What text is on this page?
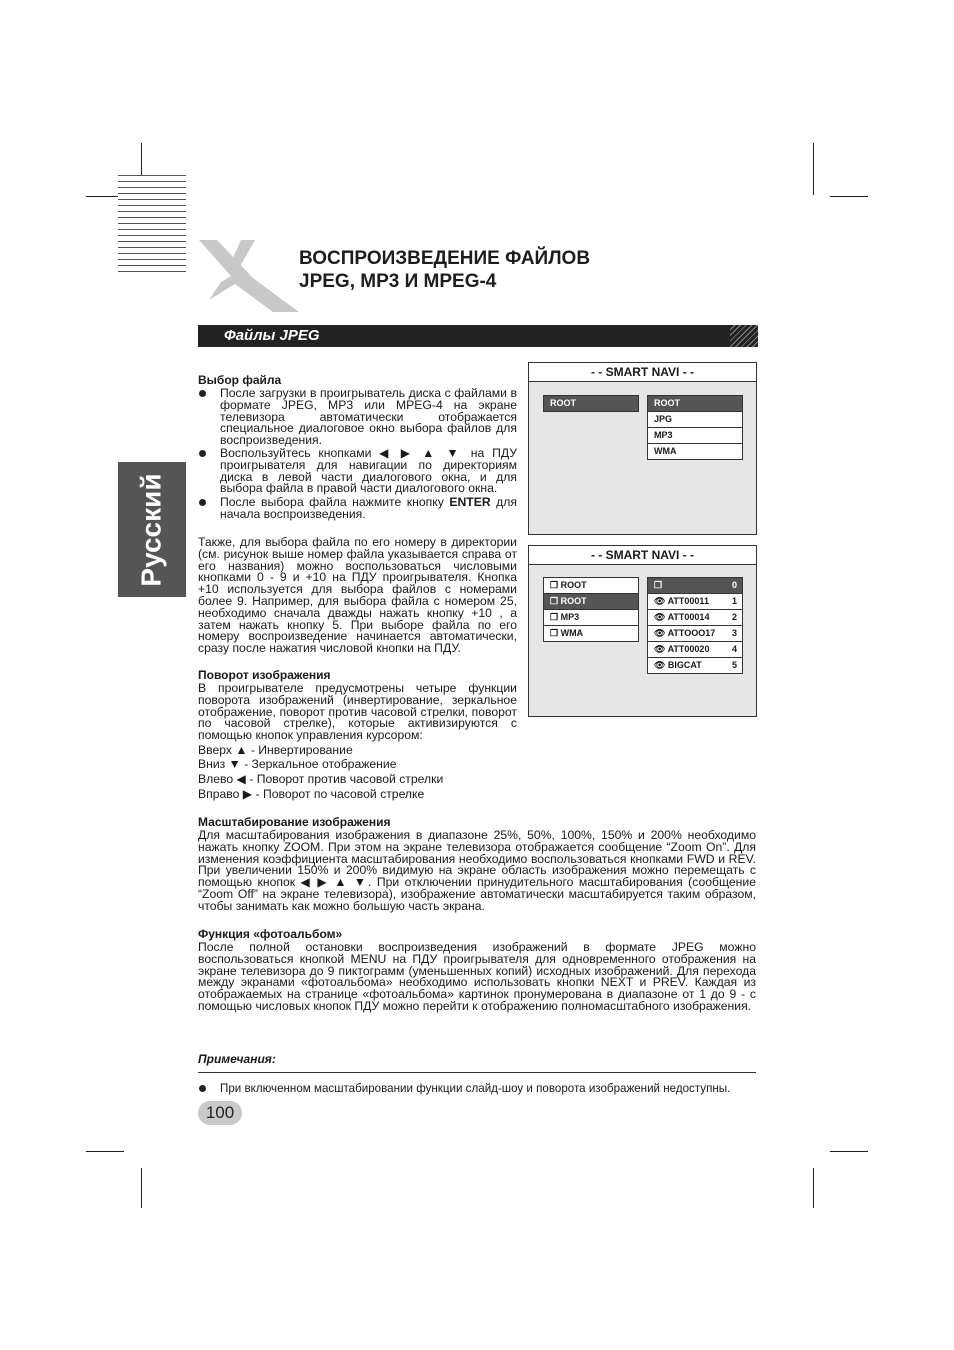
ВОСПРОИЗВЕДЕНИЕ ФАЙЛОВ
JPEG, MP3 И MPEG-4
Русский
Файлы JPEG
Выбор файла
После загрузки в проигрыватель диска с файлами в формате JPEG, MP3 или MPEG-4 на экране телевизора автоматически отображается специальное диалоговое окно выбора файлов для воспроизведения.
Воспользуйтесь кнопками ◀ ▶ ▲ ▼ на ПДУ проигрывателя для навигации по директориям диска в левой части диалогового окна, и для выбора файла в правой части диалогового окна.
После выбора файла нажмите кнопку ENTER для начала воспроизведения.
Также, для выбора файла по его номеру в директории (см. рисунок выше номер файла указывается справа от его названия) можно воспользоваться числовыми кнопками 0 - 9 и +10 на ПДУ проигрывателя. Кнопка +10 используется для выбора файлов с номерами более 9. Например, для выбора файла с номером 25, необходимо сначала дважды нажать кнопку +10 , а затем нажать кнопку 5. При выборе файла по его номеру воспроизведение начинается автоматически, сразу после нажатия числовой кнопки на ПДУ.
Поворот изображения
В проигрывателе предусмотрены четыре функции поворота изображений (инвертирование, зеркальное отображение, поворот против часовой стрелки, поворот по часовой стрелке), которые активизируются с помощью кнопок управления курсором:
Вверх ▲ - Инвертирование
Вниз ▼ - Зеркальное отображение
Влево ◀ - Поворот против часовой стрелки
Вправо ▶ - Поворот по часовой стрелке
Масштабирование изображения
Для масштабирования изображения в диапазоне 25%, 50%, 100%, 150% и 200% необходимо нажать кнопку ZOOM. При этом на экране телевизора отображается сообщение “Zoom On”. Для изменения коэффициента масштабирования необходимо воспользоваться кнопками FWD и REV. При увеличении 150% и 200% видимую на экране область изображения можно перемещать с помощью кнопок ◀ ▶ ▲ ▼. При отключении принудительного масштабирования (сообщение “Zoom Off” на экране телевизора), изображение автоматически масштабируется таким образом, чтобы занимать как можно большую часть экрана.
Функция «фотоальбом»
После полной остановки воспроизведения изображений в формате JPEG можно воспользоваться кнопкой MENU на ПДУ проигрывателя для одновременного отображения на экране телевизора до 9 пиктограмм (уменьшенных копий) исходных изображений. Для перехода между экранами «фотоальбома» необходимо использовать кнопки NEXT и PREV. Каждая из отображаемых на странице «фотоальбома» картинок пронумерована в диапазоне от 1 до 9 - с помощью числовых кнопок ПДУ можно перейти к отображению полномасштабного изображения.
Примечания:
При включенном масштабировании функции слайд-шоу и поворота изображений недоступны.
100
- - SMART NAVI - -
ROOT	ROOT
JPG
MP3
WMA
- - SMART NAVI - -
❐ ROOT
❐ ROOT
❐ MP3
❐ WMA
❐	0
👁 ATT00011	1
👁 ATT00014	2
👁 ATTOOO17 3
👁 ATT00020	4
👁 BIGCAT	5
